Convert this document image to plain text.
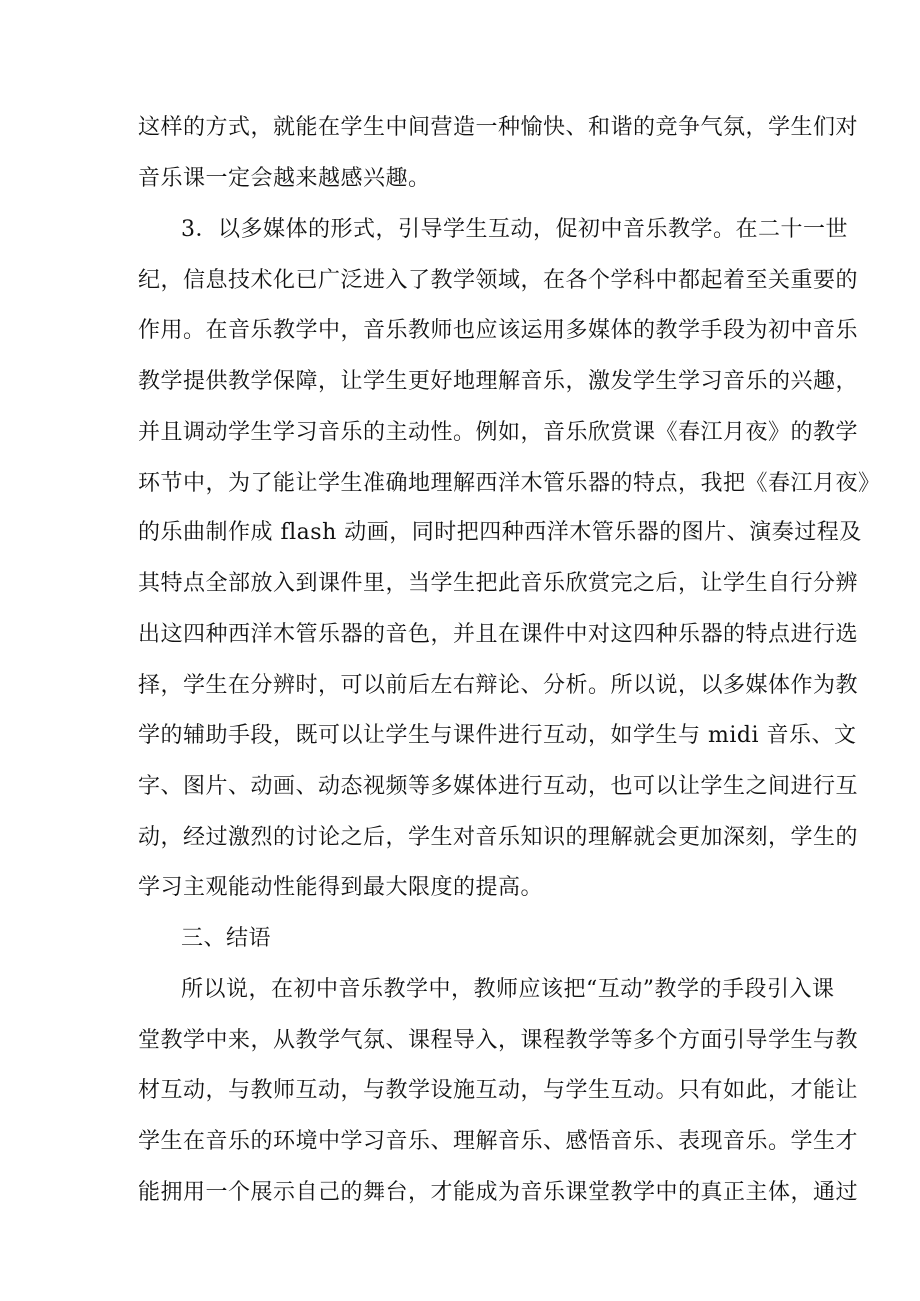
这样的方式，就能在学生中间营造一种愉快、和谐的竞争气氛，学生们对
音乐课一定会越来越感兴趣。
3．以多媒体的形式，引导学生互动，促初中音乐教学。在二十一世
纪，信息技术化已广泛进入了教学领域，在各个学科中都起着至关重要的
作用。在音乐教学中，音乐教师也应该运用多媒体的教学手段为初中音乐
教学提供教学保障，让学生更好地理解音乐，激发学生学习音乐的兴趣，
并且调动学生学习音乐的主动性。例如，音乐欣赏课《春江月夜》的教学
环节中，为了能让学生准确地理解西洋木管乐器的特点，我把《春江月夜》
的乐曲制作成 flash 动画，同时把四种西洋木管乐器的图片、演奏过程及
其特点全部放入到课件里，当学生把此音乐欣赏完之后，让学生自行分辨
出这四种西洋木管乐器的音色，并且在课件中对这四种乐器的特点进行选
择，学生在分辨时，可以前后左右辩论、分析。所以说，以多媒体作为教
学的辅助手段，既可以让学生与课件进行互动，如学生与 midi 音乐、文
字、图片、动画、动态视频等多媒体进行互动，也可以让学生之间进行互
动，经过激烈的讨论之后，学生对音乐知识的理解就会更加深刻，学生的
学习主观能动性能得到最大限度的提高。
三、结语
所以说，在初中音乐教学中，教师应该把“互动”教学的手段引入课
堂教学中来，从教学气氛、课程导入，课程教学等多个方面引导学生与教
材互动，与教师互动，与教学设施互动，与学生互动。只有如此，才能让
学生在音乐的环境中学习音乐、理解音乐、感悟音乐、表现音乐。学生才
能拥用一个展示自己的舞台，才能成为音乐课堂教学中的真正主体，通过
